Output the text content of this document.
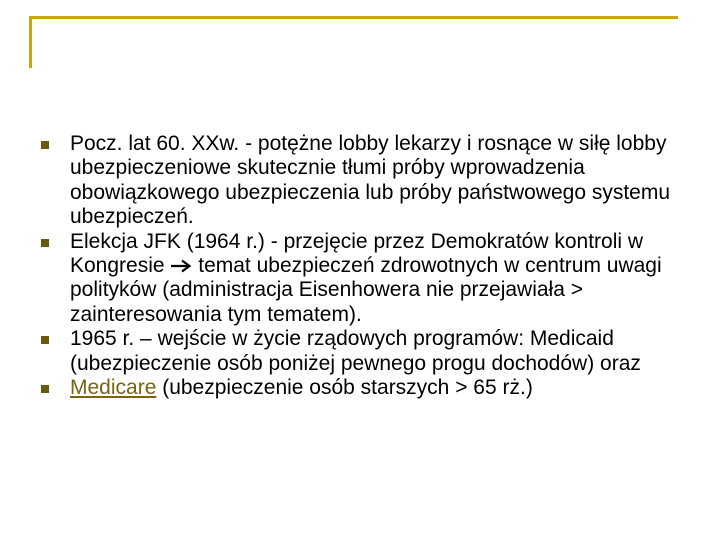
Pocz. lat 60. XXw. - potężne lobby lekarzy i rosnące w siłę lobby ubezpieczeniowe skutecznie tłumi próby wprowadzenia obowiązkowego ubezpieczenia lub próby państwowego systemu ubezpieczeń.
Elekcja JFK (1964 r.) - przejęcie przez Demokratów kontroli w Kongresie temat ubezpieczeń zdrowotnych w centrum uwagi polityków (administracja Eisenhowera nie przejawiała > zainteresowania tym tematem).
1965 r. – wejście w życie rządowych programów: Medicaid (ubezpieczenie osób poniżej pewnego progu dochodów) oraz
Medicare (ubezpieczenie osób starszych > 65 rż.)
